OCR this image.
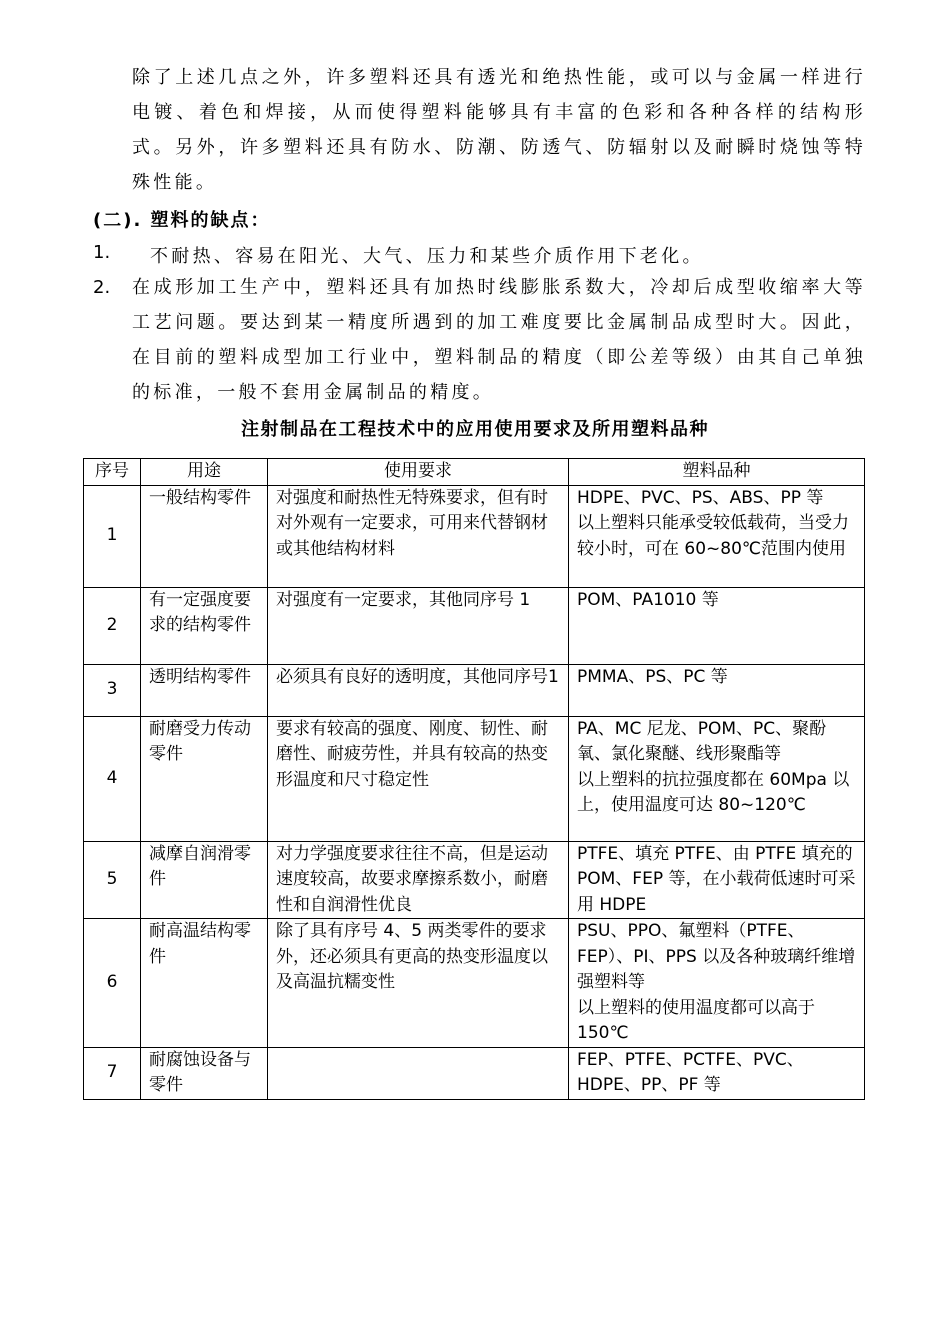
除了上述几点之外，许多塑料还具有透光和绝热性能，或可以与金属一样进行电镀、着色和焊接，从而使得塑料能够具有丰富的色彩和各种各样的结构形式。另外，许多塑料还具有防水、防潮、防透气、防辐射以及耐瞬时烧蚀等特殊性能。
(二). 塑料的缺点：
1. 不耐热、容易在阳光、大气、压力和某些介质作用下老化。
2. 在成形加工生产中，塑料还具有加热时线膨胀系数大，冷却后成型收缩率大等工艺问题。要达到某一精度所遇到的加工难度要比金属制品成型时大。因此，在目前的塑料成型加工行业中，塑料制品的精度（即公差等级）由其自己单独的标准，一般不套用金属制品的精度。
注射制品在工程技术中的应用使用要求及所用塑料品种
序号	用途	使用要求	塑料品种
1	一般结构零件	对强度和耐热性无特殊要求，但有时对外观有一定要求，可用来代替钢材或其他结构材料	HDPE、PVC、PS、ABS、PP 等
以上塑料只能承受较低载荷，当受力较小时，可在 60~80℃范围内使用

2	有一定强度要求的结构零件	对强度有一定要求，其他同序号 1	POM、PA1010 等

3	透明结构零件	必须具有良好的透明度，其他同序号1	PMMA、PS、PC 等

4	耐磨受力传动零件	要求有较高的强度、刚度、韧性、耐磨性、耐疲劳性，并具有较高的热变形温度和尺寸稳定性	PA、MC 尼龙、POM、PC、聚酚氧、氯化聚醚、线形聚酯等
以上塑料的抗拉强度都在 60Mpa 以上，使用温度可达 80~120℃

5	减摩自润滑零件	对力学强度要求往往不高，但是运动速度较高，故要求摩擦系数小，耐磨性和自润滑性优良	PTFE、填充 PTFE、由 PTFE 填充的 POM、FEP 等，在小载荷低速时可采用 HDPE

6	耐高温结构零件	除了具有序号 4、5 两类零件的要求外，还必须具有更高的热变形温度以及高温抗糯变性	PSU、PPO、氟塑料（PTFE、FEP）、PI、PPS 以及各种玻璃纤维增强塑料等
以上塑料的使用温度都可以高于 150℃

7	耐腐蚀设备与零件		FEP、PTFE、PCTFE、PVC、HDPE、PP、PF 等
